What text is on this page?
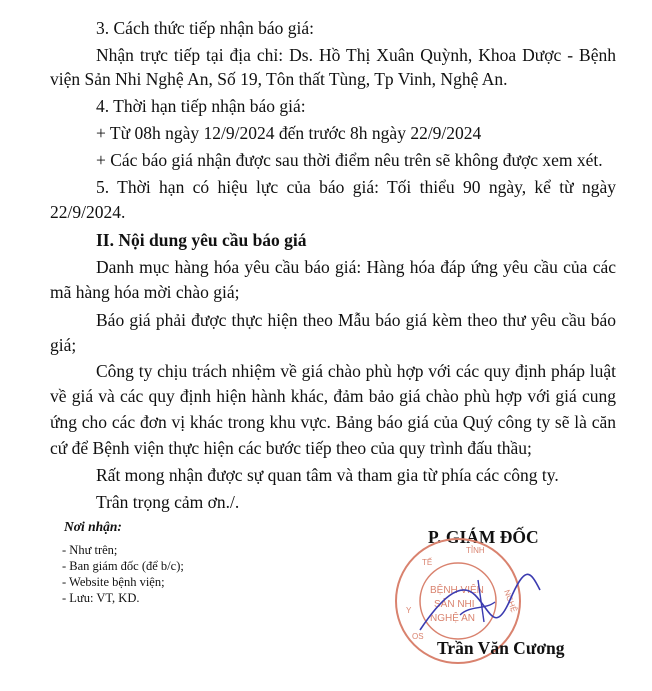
3. Cách thức tiếp nhận báo giá:
Nhận trực tiếp tại địa chỉ: Ds. Hồ Thị Xuân Quỳnh, Khoa Dược - Bệnh
viện Sản Nhi Nghệ An, Số 19, Tôn thất Tùng, Tp Vinh, Nghệ An.
4. Thời hạn tiếp nhận báo giá:
+ Từ 08h ngày 12/9/2024 đến trước 8h ngày 22/9/2024
+ Các báo giá nhận được sau thời điểm nêu trên sẽ không được xem xét.
5. Thời hạn có hiệu lực của báo giá: Tối thiểu 90 ngày, kể từ ngày
22/9/2024.
II. Nội dung yêu cầu báo giá
Danh mục hàng hóa yêu cầu báo giá: Hàng hóa đáp ứng yêu cầu của các
mã hàng hóa mời chào giá;
Báo giá phải được thực hiện theo Mẫu báo giá kèm theo thư yêu cầu báo
giá;
Công ty chịu trách nhiệm về giá chào phù hợp với các quy định pháp luật
về giá và các quy định hiện hành khác, đảm bảo giá chào phù hợp với giá cung
ứng cho các đơn vị khác trong khu vực. Bảng báo giá của Quý công ty sẽ là căn
cứ để Bệnh viện thực hiện các bước tiếp theo của quy trình đấu thầu;
Rất mong nhận được sự quan tâm và tham gia từ phía các công ty.
Trân trọng cảm ơn./.
Nơi nhận:
- Như trên;
- Ban giám đốc (để b/c);
- Website bệnh viện;
- Lưu: VT, KD.
P. GIÁM ĐỐC
TẾ
TỈNH
NGHỆ
Y
OS
BỆNH VIỆN
SẢN NHI
NGHỆ AN
Trần Văn Cương
